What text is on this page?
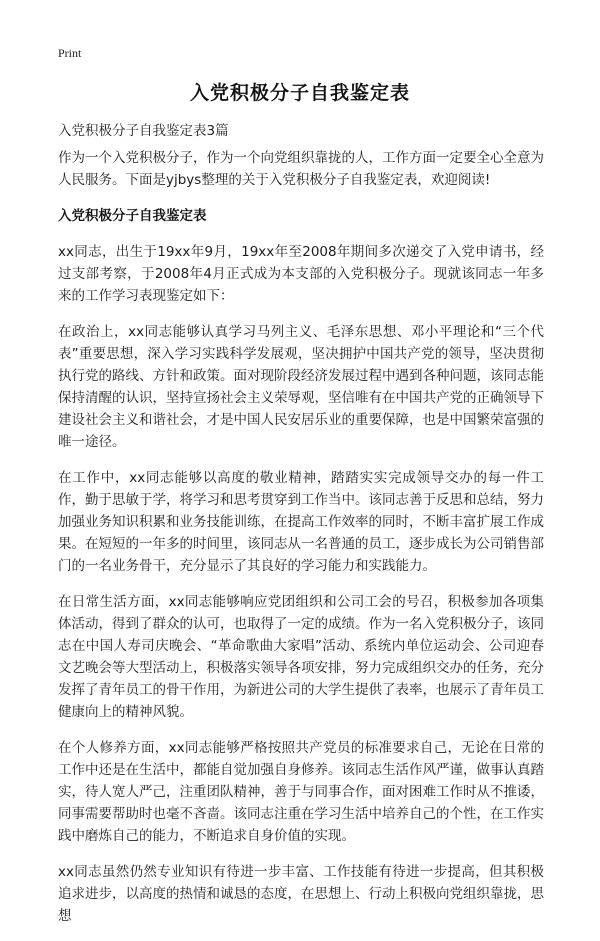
Print
入党积极分子自我鉴定表
入党积极分子自我鉴定表3篇

作为一个入党积极分子，作为一个向党组织靠拢的人，工作方面一定要全心全意为人民服务。下面是yjbys整理的关于入党积极分子自我鉴定表，欢迎阅读!

入党积极分子自我鉴定表

xx同志，出生于19xx年9月，19xx年至2008年期间多次递交了入党申请书，经过支部考察，于2008年4月正式成为本支部的入党积极分子。现就该同志一年多来的工作学习表现鉴定如下：

在政治上，xx同志能够认真学习马列主义、毛泽东思想、邓小平理论和“三个代表”重要思想，深入学习实践科学发展观，坚决拥护中国共产党的领导，坚决贯彻执行党的路线、方针和政策。面对现阶段经济发展过程中遇到各种问题，该同志能保持清醒的认识，坚持宣扬社会主义荣辱观，坚信唯有在中国共产党的正确领导下建设社会主义和谐社会，才是中国人民安居乐业的重要保障，也是中国繁荣富强的唯一途径。

在工作中，xx同志能够以高度的敬业精神，踏踏实实完成领导交办的每一件工作，勤于思敏于学，将学习和思考贯穿到工作当中。该同志善于反思和总结，努力加强业务知识积累和业务技能训练，在提高工作效率的同时，不断丰富扩展工作成果。在短短的一年多的时间里，该同志从一名普通的员工，逐步成长为公司销售部门的一名业务骨干，充分显示了其良好的学习能力和实践能力。

在日常生活方面，xx同志能够响应党团组织和公司工会的号召，积极参加各项集体活动，得到了群众的认可，也取得了一定的成绩。作为一名入党积极分子，该同志在中国人寿司庆晚会、“革命歌曲大家唱”活动、系统内单位运动会、公司迎春文艺晚会等大型活动上，积极落实领导各项安排，努力完成组织交办的任务，充分发挥了青年员工的骨干作用，为新进公司的大学生提供了表率，也展示了青年员工健康向上的精神风貌。

在个人修养方面，xx同志能够严格按照共产党员的标准要求自己，无论在日常的工作中还是在生活中，都能自觉加强自身修养。该同志生活作风严谨，做事认真踏实，待人宽人严己，注重团队精神，善于与同事合作，面对困难工作时从不推诿，同事需要帮助时也毫不吝啬。该同志注重在学习生活中培养自己的个性，在工作实践中磨炼自己的能力，不断追求自身价值的实现。

xx同志虽然仍然专业知识有待进一步丰富、工作技能有待进一步提高，但其积极追求进步，以高度的热情和诚恳的态度，在思想上、行动上积极向党组织靠拢，思想
